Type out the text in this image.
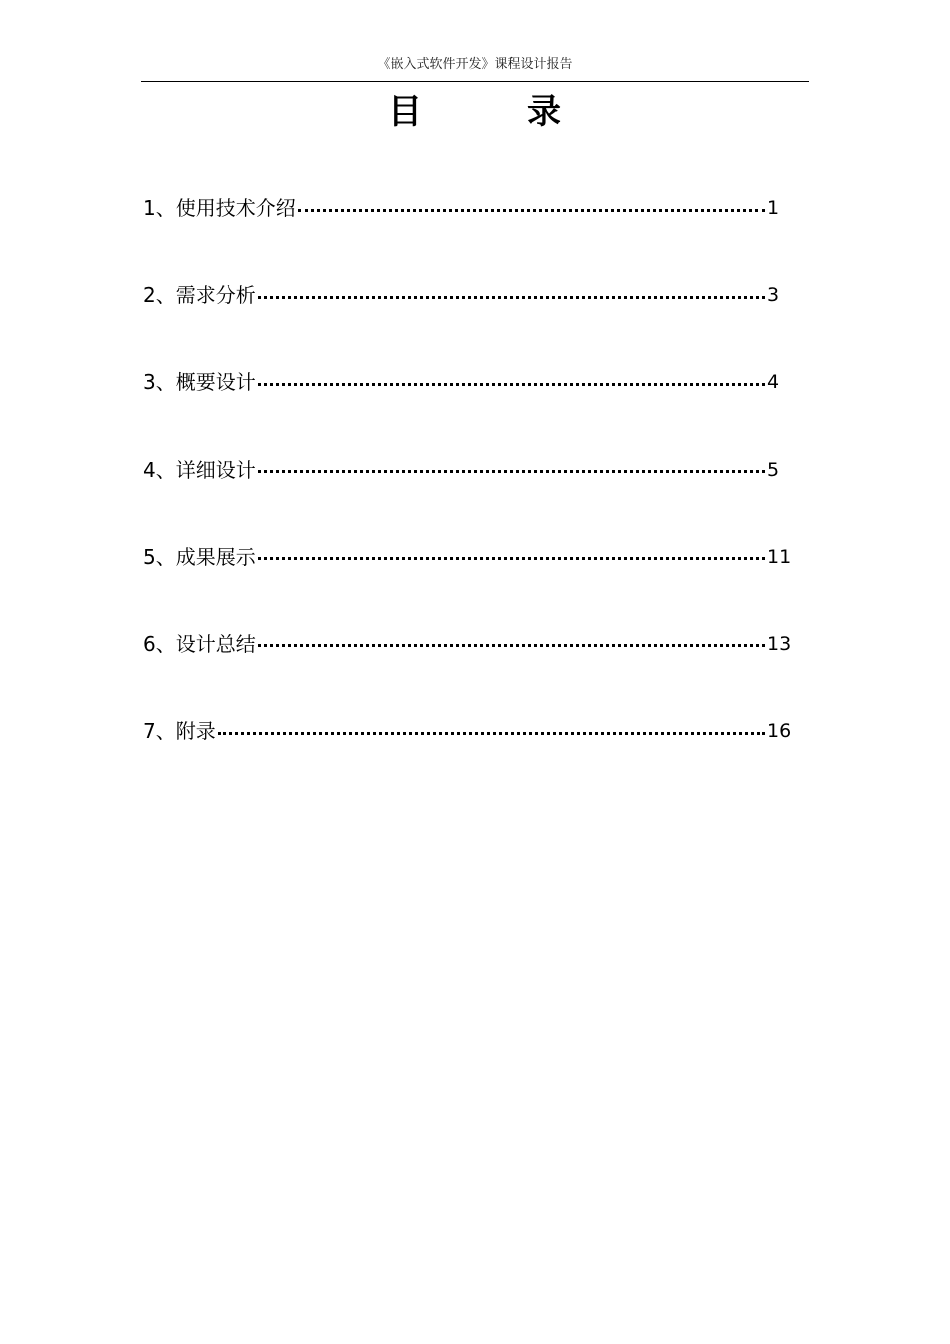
《嵌入式软件开发》课程设计报告
目	录
1、 使用技术介绍	1
2、 需求分析	3
3、 概要设计	4
4、 详细设计	5
5、 成果展示	11
6、 设计总结	13
7、 附录	16
